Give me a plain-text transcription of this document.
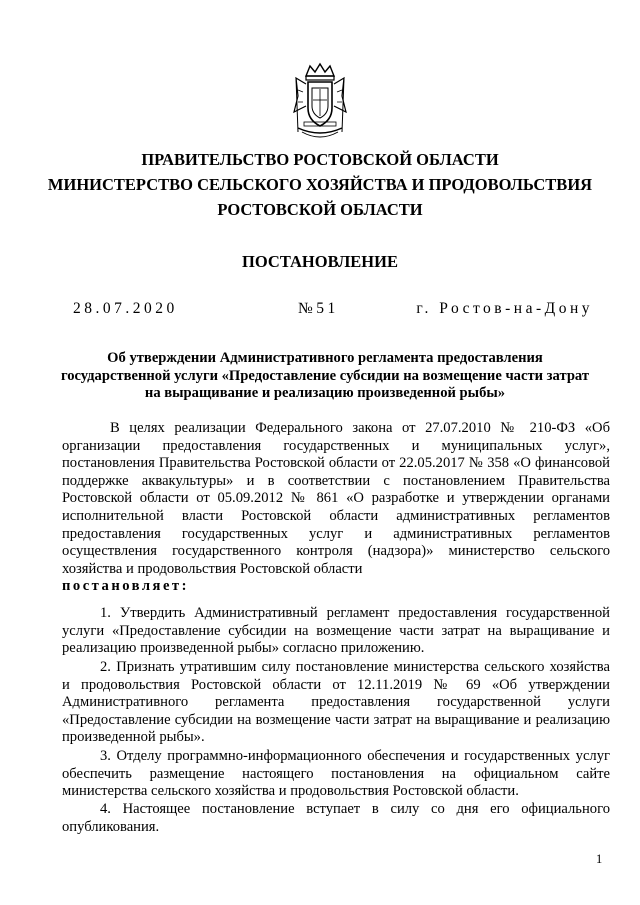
ПРАВИТЕЛЬСТВО РОСТОВСКОЙ ОБЛАСТИ

МИНИСТЕРСТВО СЕЛЬСКОГО ХОЗЯЙСТВА И ПРОДОВОЛЬСТВИЯ

РОСТОВСКОЙ ОБЛАСТИ

ПОСТАНОВЛЕНИЕ

28.07.2020	№51	г. Ростов-на-Дону

Об утверждении Административного регламента предоставления государственной услуги «Предоставление субсидии на возмещение части затрат на выращивание и реализацию произведенной рыбы»

В целях реализации Федерального закона от 27.07.2010 № 210-ФЗ «Об организации предоставления государственных и муниципальных услуг», постановления Правительства Ростовской области от 22.05.2017 № 358 «О финансовой поддержке аквакультуры» и в соответствии с постановлением Правительства Ростовской области от 05.09.2012 № 861 «О разработке и утверждении органами исполнительной власти Ростовской области административных регламентов предоставления государственных услуг и административных регламентов осуществления государственного контроля (надзора)» министерство сельского хозяйства и продовольствия Ростовской области
постановляет:

1. Утвердить Административный регламент предоставления государственной услуги «Предоставление субсидии на возмещение части затрат на выращивание и реализацию произведенной рыбы» согласно приложению.

2. Признать утратившим силу постановление министерства сельского хозяйства и продовольствия Ростовской области от 12.11.2019 № 69 «Об утверждении Административного регламента предоставления государственной услуги «Предоставление субсидии на возмещение части затрат на выращивание и реализацию произведенной рыбы».

3. Отделу программно-информационного обеспечения и государственных услуг обеспечить размещение настоящего постановления на официальном сайте министерства сельского хозяйства и продовольствия Ростовской области.

4. Настоящее постановление вступает в силу со дня его официального опубликования.

1
